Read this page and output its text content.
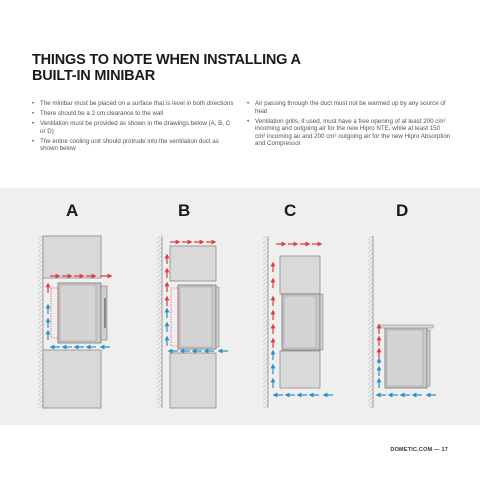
THINGS TO NOTE WHEN INSTALLING A BUILT-IN MINIBAR
• The minibar must be placed on a surface that is level in both directions
• There should be a 2 cm clearance to the wall
• Ventilation must be provided as shown in the drawings below (A, B, C or D)
• The entire cooling unit should protrude into the ventilation duct as shown below
• Air passing through the duct must not be warmed up by any source of heat
• Ventilation grills, if used, must have a free opening of at least 200 cm² incoming and outgoing air for the new Hipro NTE, while at least 150 cm² incoming air and 200 cm² outgoing air for the new Hipro Absorption and Compressor
A	B	C	D
DOMETIC.COM — 17
